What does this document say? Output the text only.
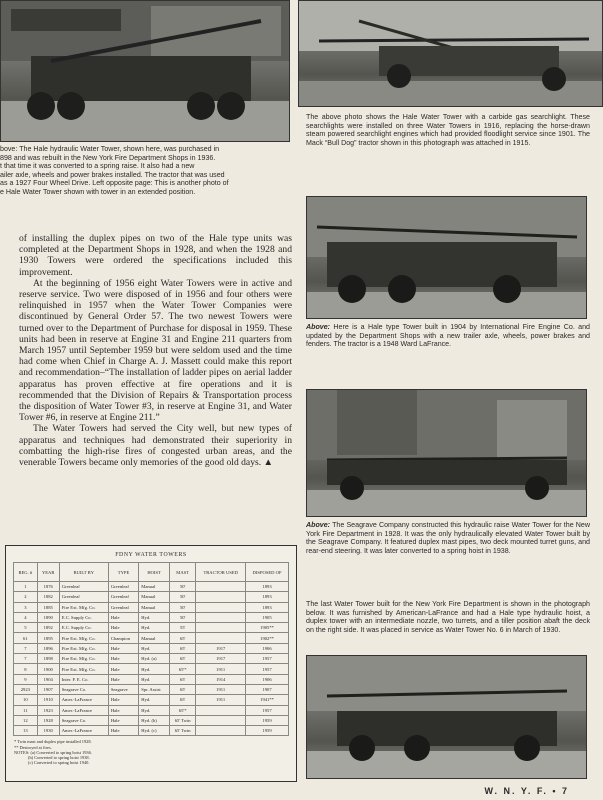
bove: The Hale hydraulic Water Tower, shown here, was purchased in
898 and was rebuilt in the New York Fire Department Shops in 1936.
t that time it was converted to a spring raise. It also had a new
ailer axle, wheels and power brakes installed. The tractor that was used
as a 1927 Four Wheel Drive. Left opposite page: This is another photo of
e Hale Water Tower shown with tower in an extended position.
The above photo shows the Hale Water Tower with a carbide gas searchlight. These searchlights were installed on three Water Towers in 1916, replacing the horse-drawn steam powered searchlight engines which had provided floodlight service since 1901. The Mack “Bull Dog” tractor shown in this photograph was attached in 1915.
Above: Here is a Hale type Tower built in 1904 by International Fire Engine Co. and updated by the Department Shops with a new trailer axle, wheels, power brakes and fenders. The tractor is a 1948 Ward LaFrance.
Above: The Seagrave Company constructed this hydraulic raise Water Tower for the New York Fire Department in 1928. It was the only hydraulically elevated Water Tower built by the Seagrave Company. It featured duplex mast pipes, two deck mounted turret guns, and rear-end steering. It was later converted to a spring hoist in 1938.
The last Water Tower built for the New York Fire Department is shown in the photograph below. It was furnished by American-LaFrance and had a Hale type hydraulic hoist, a duplex tower with an intermediate nozzle, two turrets, and a tiller position abaft the deck on the right side. It was placed in service as Water Tower No. 6 in March of 1930.

of installing the duplex pipes on two of the Hale type units was completed at the Department Shops in 1928, and when the 1928 and 1930 Towers were ordered the specifications included this improvement.

At the beginning of 1956 eight Water Towers were in active and reserve service. Two were disposed of in 1956 and four others were relinquished in 1957 when the Water Tower Companies were discontinued by General Order 57. The two newest Towers were turned over to the Department of Purchase for disposal in 1959. These units had been in reserve at Engine 31 and Engine 211 quarters from March 1957 until September 1959 but were seldom used and the time had come when Chief in Charge A. J. Massett could make this report and recommendation–“The installation of ladder pipes on aerial ladder apparatus has proven effective at fire operations and it is recommended that the Division of Repairs & Transportation process the disposition of Water Tower #3, in reserve at Engine 31, and Water Tower #6, in reserve at Engine 211.”

The Water Towers had served the City well, but new types of apparatus and techniques had demonstrated their superiority in combatting the high-rise fires of congested urban areas, and the venerable Towers became only memories of the good old days. ▲

FDNY WATER TOWERS
REG. #	YEAR	BUILT BY	TYPE	HOIST	MAST	TRACTOR USED	DISPOSED OF
1	1876	Greenleaf	Greenleaf	Manual	50'		1893
2	1882	Greenleaf	Greenleaf	Manual	50'		1893
3	1885	Fire Ext. Mfg. Co.	Greenleaf	Manual	50'		1893
4	1890	E.C. Supply Co.	Hale	Hyd.	50'		1905
5	1892	E.C. Supply Co.	Hale	Hyd.	55'		1905**
61	1895	Fire Ext. Mfg. Co.	Champion	Manual	65'		1902**
7	1896	Fire Ext. Mfg. Co.	Hale	Hyd.	65'	1917	1906
7	1898	Fire Ext. Mfg. Co.	Hale	Hyd. (a)	65'	1917	1957
8	1900	Fire Ext. Mfg. Co.	Hale	Hyd.	65'*	1911	1957
9	1904	Inter. F. E. Co.	Hale	Hyd.	65'	1914	1906
2923	1907	Seagrave Co.	Seagrave	Spr. Assist	65'	1911	1907
10	1910	Amer.-LaFrance	Hale	Hyd.	65'	1911	1941**
11	1923	Amer.-LaFrance	Hale	Hyd.	65'*		1957
12	1928	Seagrave Co.	Hale	Hyd. (b)	65' Twin		1959
13	1930	Amer.-LaFrance	Hale	Hyd. (c)	65' Twin		1959
* Twin mast and duplex pipe installed 1928.
** Destroyed at fires.
NOTES: (a) Converted to spring hoist 1936.
(b) Converted to spring hoist 1938.
(c) Converted to spring hoist 1940.
W. N. Y. F. • 7
